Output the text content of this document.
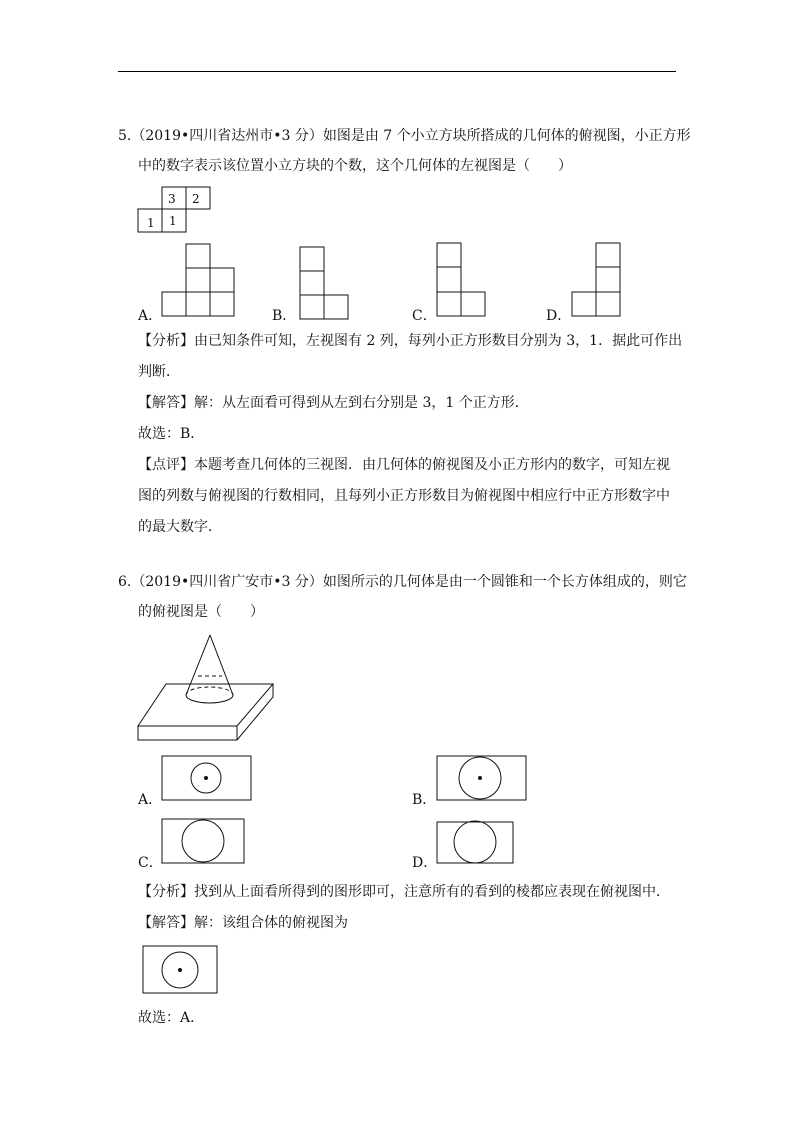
5.（2019•四川省达州市•3 分）如图是由 7 个小立方块所搭成的几何体的俯视图，小正方形
中的数字表示该位置小立方块的个数，这个几何体的左视图是（　　）
3 2
1 1
A．	B．	C．	D．
【分析】由已知条件可知，左视图有 2 列，每列小正方形数目分别为 3，1．据此可作出
判断．
【解答】解：从左面看可得到从左到右分别是 3，1 个正方形．
故选：B．
【点评】本题考查几何体的三视图．由几何体的俯视图及小正方形内的数字，可知左视
图的列数与俯视图的行数相同，且每列小正方形数目为俯视图中相应行中正方形数字中
的最大数字．
6.（2019•四川省广安市•3 分）如图所示的几何体是由一个圆锥和一个长方体组成的，则它
的俯视图是（　　）
A．	B．
C．	D．
【分析】找到从上面看所得到的图形即可，注意所有的看到的棱都应表现在俯视图中．
【解答】解：该组合体的俯视图为
故选：A．
